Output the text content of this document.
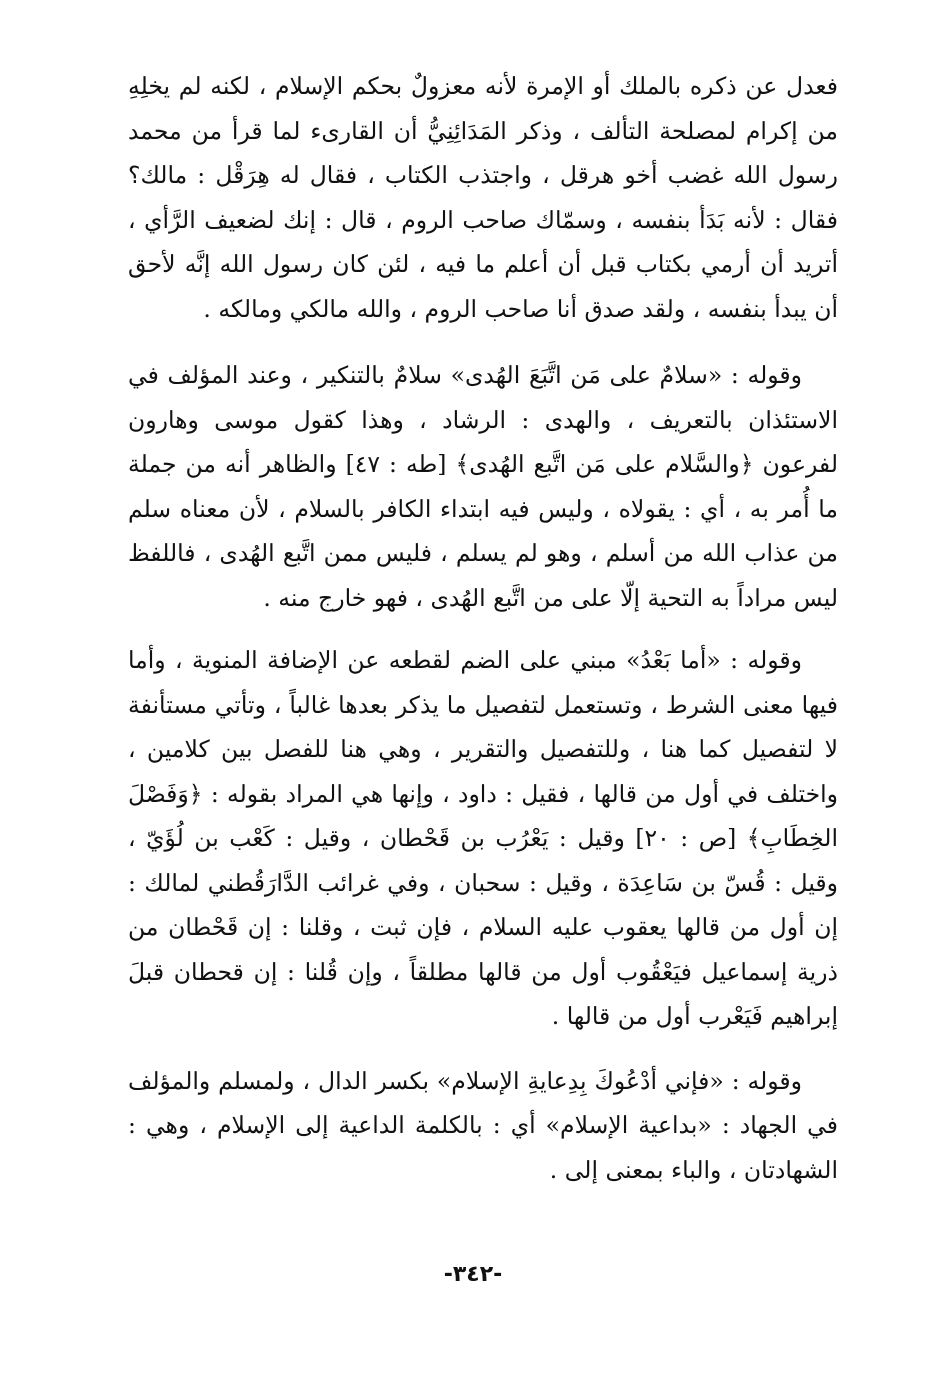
فعدل عن ذكره بالملك أو الإمرة لأنه معزولٌ بحكم الإسلام ، لكنه لم يخلِهِ من إكرام لمصلحة التألف ، وذكر المَدَائِنِيُّ أن القارىء لما قرأ من محمد رسول الله غضب أخو هرقل ، واجتذب الكتاب ، فقال له هِرَقْل : مالك؟ فقال : لأنه بَدَأ بنفسه ، وسمّاك صاحب الروم ، قال : إنك لضعيف الرَّأي ، أتريد أن أرمي بكتاب قبل أن أعلم ما فيه ، لئن كان رسول الله إنَّه لأحق أن يبدأ بنفسه ، ولقد صدق أنا صاحب الروم ، والله مالكي ومالكه .

وقوله : «سلامٌ على مَن اتَّبَعَ الهُدى» سلامٌ بالتنكير ، وعند المؤلف في الاستئذان بالتعريف ، والهدى : الرشاد ، وهذا كقول موسى وهارون لفرعون ﴿والسَّلام على مَن اتَّبع الهُدى﴾ [طه : ٤٧] والظاهر أنه من جملة ما أُمر به ، أي : يقولاه ، وليس فيه ابتداء الكافر بالسلام ، لأن معناه سلم من عذاب الله من أسلم ، وهو لم يسلم ، فليس ممن اتَّبع الهُدى ، فاللفظ ليس مراداً به التحية إلّا على من اتَّبع الهُدى ، فهو خارج منه .

وقوله : «أما بَعْدُ» مبني على الضم لقطعه عن الإضافة المنوية ، وأما فيها معنى الشرط ، وتستعمل لتفصيل ما يذكر بعدها غالباً ، وتأتي مستأنفة لا لتفصيل كما هنا ، وللتفصيل والتقرير ، وهي هنا للفصل بين كلامين ، واختلف في أول من قالها ، فقيل : داود ، وإنها هي المراد بقوله : ﴿وَفَصْلَ الخِطَابِ﴾ [ص : ٢٠] وقيل : يَعْرُب بن قَحْطان ، وقيل : كَعْب بن لُؤَيّ ، وقيل : قُسّ بن سَاعِدَة ، وقيل : سحبان ، وفي غرائب الدَّارَقُطني لمالك : إن أول من قالها يعقوب عليه السلام ، فإن ثبت ، وقلنا : إن قَحْطان من ذرية إسماعيل فيَعْقُوب أول من قالها مطلقاً ، وإن قُلنا : إن قحطان قبلَ إبراهيم فَيَعْرب أول من قالها .

وقوله : «فإني أدْعُوكَ بِدِعايةِ الإسلام» بكسر الدال ، ولمسلم والمؤلف في الجهاد : «بداعية الإسلام» أي : بالكلمة الداعية إلى الإسلام ، وهي : الشهادتان ، والباء بمعنى إلى .

-٣٤٢-
